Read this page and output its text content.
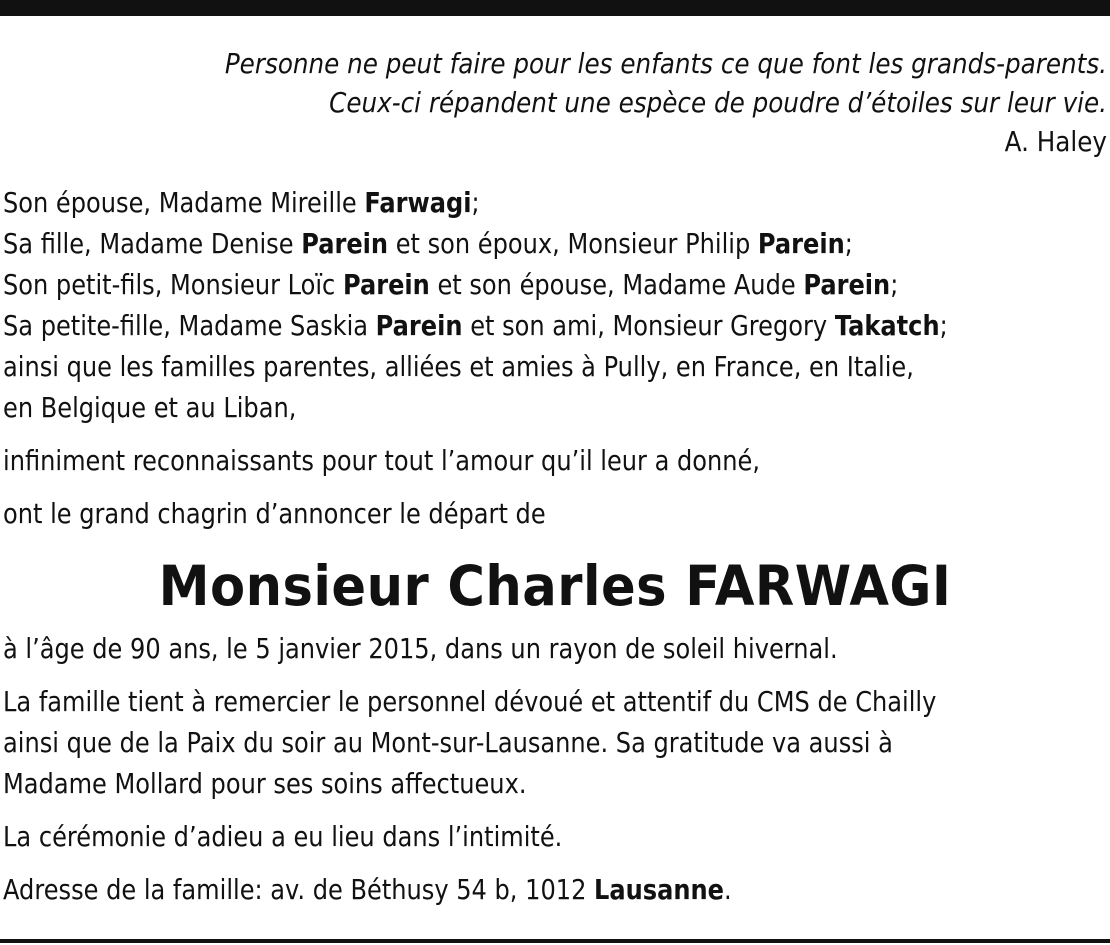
Personne ne peut faire pour les enfants ce que font les grands-parents.
Ceux-ci répandent une espèce de poudre d’étoiles sur leur vie.
A. Haley
Son épouse, Madame Mireille Farwagi;
Sa fille, Madame Denise Parein et son époux, Monsieur Philip Parein;
Son petit-fils, Monsieur Loïc Parein et son épouse, Madame Aude Parein;
Sa petite-fille, Madame Saskia Parein et son ami, Monsieur Gregory Takatch;
ainsi que les familles parentes, alliées et amies à Pully, en France, en Italie,
en Belgique et au Liban,
infiniment reconnaissants pour tout l’amour qu’il leur a donné,
ont le grand chagrin d’annoncer le départ de
Monsieur Charles FARWAGI
à l’âge de 90 ans, le 5 janvier 2015, dans un rayon de soleil hivernal.
La famille tient à remercier le personnel dévoué et attentif du CMS de Chailly
ainsi que de la Paix du soir au Mont-sur-Lausanne. Sa gratitude va aussi à
Madame Mollard pour ses soins affectueux.
La cérémonie d’adieu a eu lieu dans l’intimité.
Adresse de la famille: av. de Béthusy 54 b, 1012 Lausanne.
